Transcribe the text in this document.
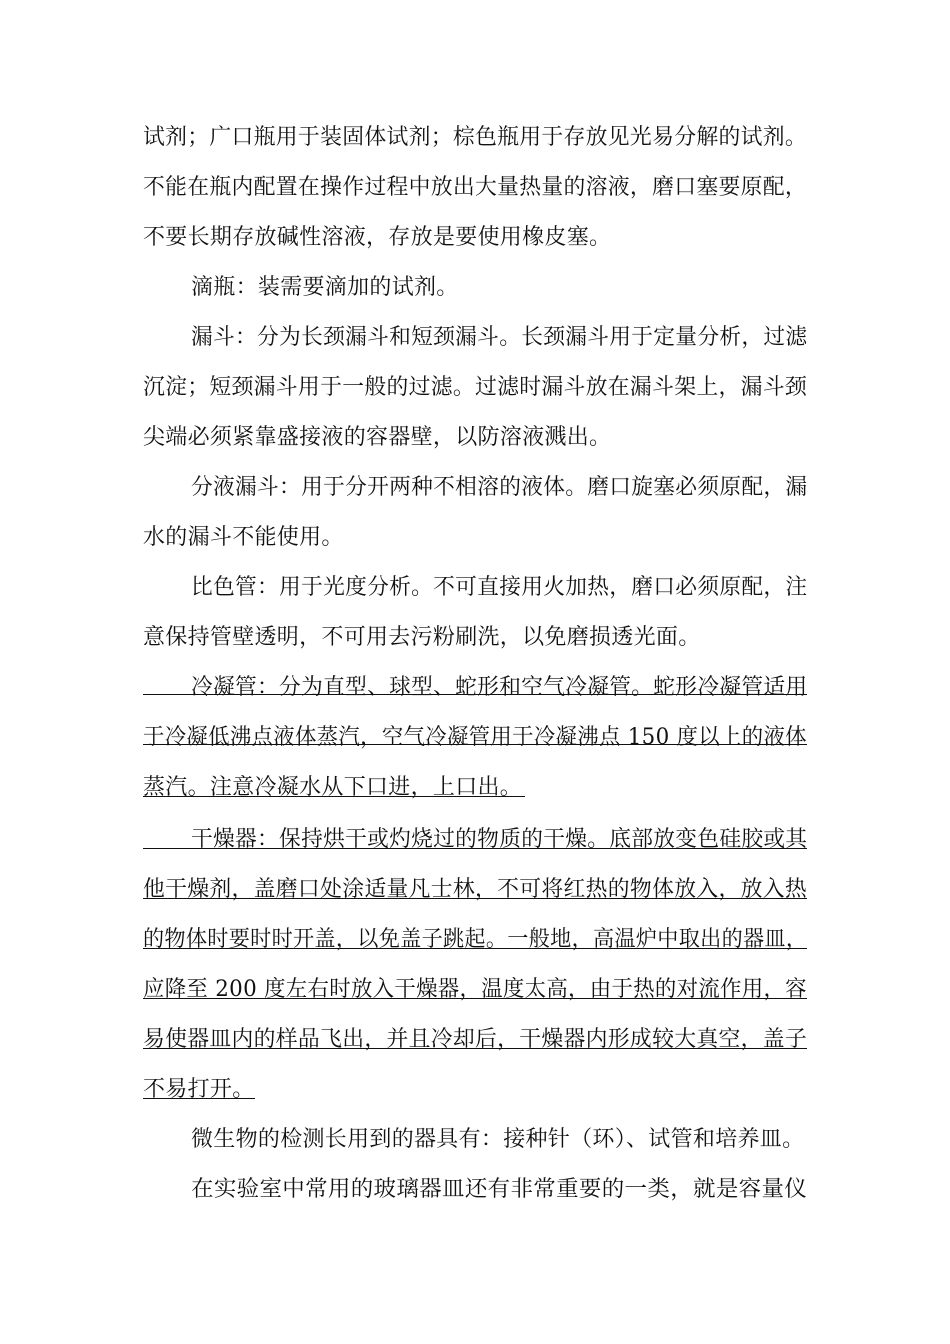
试剂；广口瓶用于装固体试剂；棕色瓶用于存放见光易分解的试剂。
不能在瓶内配置在操作过程中放出大量热量的溶液，磨口塞要原配，
不要长期存放碱性溶液，存放是要使用橡皮塞。
滴瓶：装需要滴加的试剂。
漏斗：分为长颈漏斗和短颈漏斗。长颈漏斗用于定量分析，过滤
沉淀；短颈漏斗用于一般的过滤。过滤时漏斗放在漏斗架上，漏斗颈
尖端必须紧靠盛接液的容器壁，以防溶液溅出。
分液漏斗：用于分开两种不相溶的液体。磨口旋塞必须原配，漏
水的漏斗不能使用。
比色管：用于光度分析。不可直接用火加热，磨口必须原配，注
意保持管壁透明，不可用去污粉刷洗，以免磨损透光面。
冷凝管：分为直型、球型、蛇形和空气冷凝管。蛇形冷凝管适用
于冷凝低沸点液体蒸汽，空气冷凝管用于冷凝沸点 150 度以上的液体
蒸汽。注意冷凝水从下口进，上口出。
干燥器：保持烘干或灼烧过的物质的干燥。底部放变色硅胶或其
他干燥剂，盖磨口处涂适量凡士林，不可将红热的物体放入，放入热
的物体时要时时开盖，以免盖子跳起。一般地，高温炉中取出的器皿，
应降至 200 度左右时放入干燥器，温度太高，由于热的对流作用，容
易使器皿内的样品飞出，并且冷却后，干燥器内形成较大真空，盖子
不易打开。
微生物的检测长用到的器具有：接种针（环）、试管和培养皿。
在实验室中常用的玻璃器皿还有非常重要的一类，就是容量仪
